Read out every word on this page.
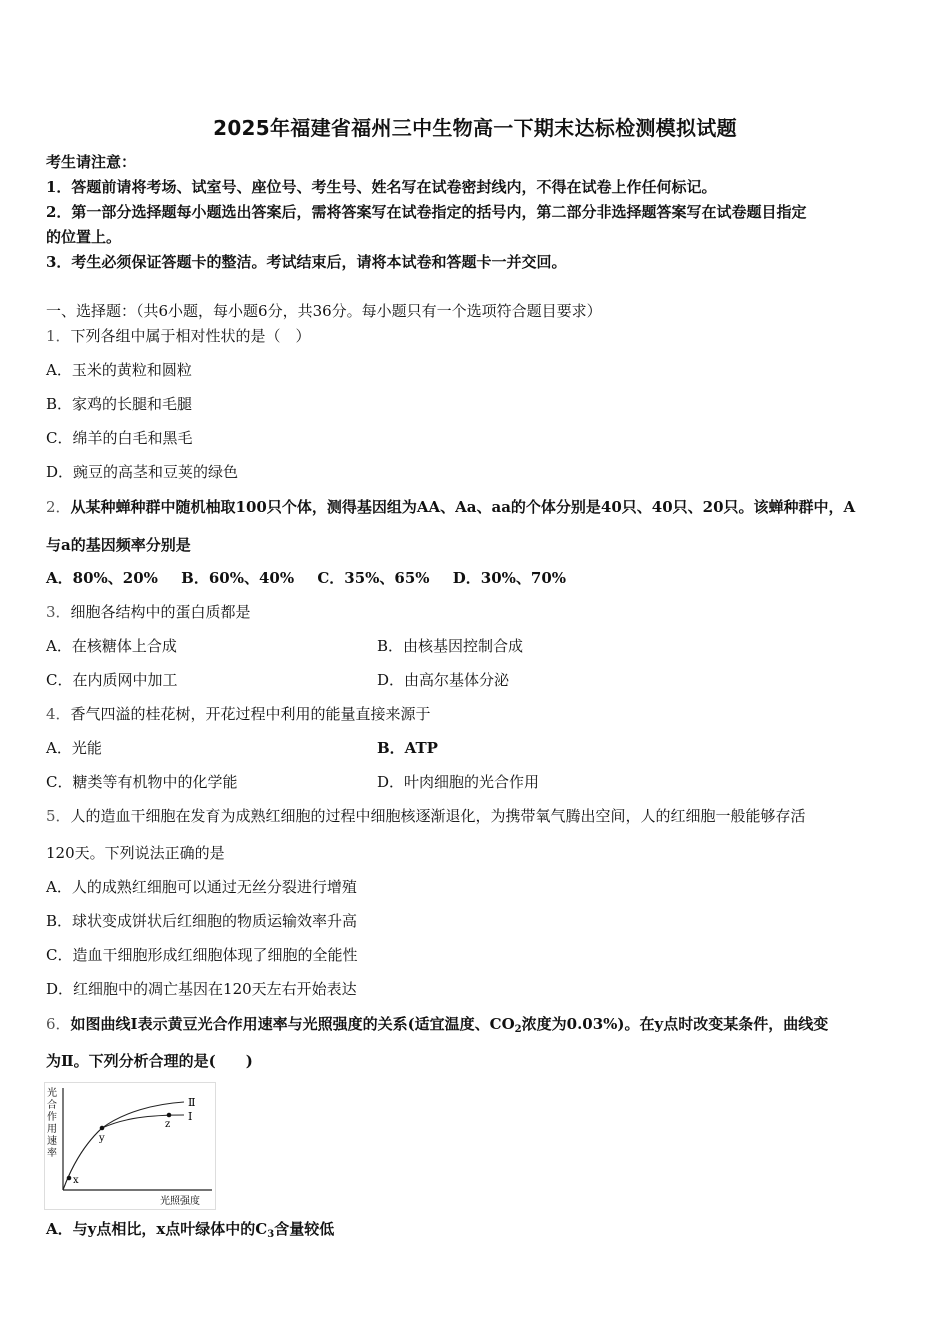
2025年福建省福州三中生物高一下期末达标检测模拟试题
考生请注意：
1．答题前请将考场、试室号、座位号、考生号、姓名写在试卷密封线内，不得在试卷上作任何标记。
2．第一部分选择题每小题选出答案后，需将答案写在试卷指定的括号内，第二部分非选择题答案写在试卷题目指定
的位置上。
3．考生必须保证答题卡的整洁。考试结束后，请将本试卷和答题卡一并交回。
一、选择题：（共6小题，每小题6分，共36分。每小题只有一个选项符合题目要求）
1．下列各组中属于相对性状的是（　）
A．玉米的黄粒和圆粒
B．家鸡的长腿和毛腿
C．绵羊的白毛和黑毛
D．豌豆的高茎和豆荚的绿色
2．从某种蝉种群中随机柚取100只个体，测得基因组为AA、Aa、aa的个体分别是40只、40只、20只。该蝉种群中，A
与a的基因频率分别是
A．80%、20% B．60%、40% C．35%、65% D．30%、70%
3．细胞各结构中的蛋白质都是
A．在核糖体上合成	B．由核基因控制合成
C．在内质网中加工	D．由高尔基体分泌
4．香气四溢的桂花树，开花过程中利用的能量直接来源于
A．光能	B．ATP
C．糖类等有机物中的化学能	D．叶肉细胞的光合作用
5．人的造血干细胞在发育为成熟红细胞的过程中细胞核逐渐退化，为携带氧气腾出空间，人的红细胞一般能够存活
120天。下列说法正确的是
A．人的成熟红细胞可以通过无丝分裂进行增殖
B．球状变成饼状后红细胞的物质运输效率升高
C．造血干细胞形成红细胞体现了细胞的全能性
D．红细胞中的凋亡基因在120天左右开始表达
6．如图曲线Ⅰ表示黄豆光合作用速率与光照强度的关系(适宜温度、$CO_2$浓度为0.03%)。在y点时改变某条件，曲线变
为Ⅱ。下列分析合理的是(　　)
光
合
作
用
速
率
x
y
z
Ⅱ
Ⅰ
光照强度
A．与y点相比，x点叶绿体中的$C_3$含量较低
